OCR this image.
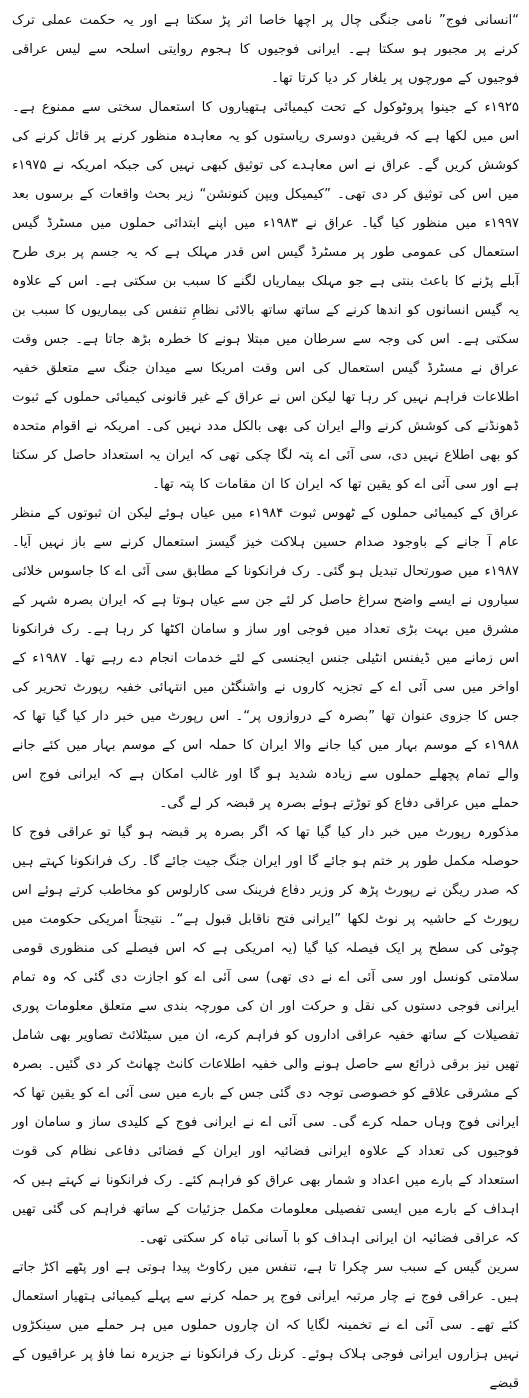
“انسانی فوج” نامی جنگی چال پر اچھا خاصا اثر پڑ سکتا ہے اور یہ حکمت عملی ترک کرنے پر مجبور ہو سکتا ہے۔ ایرانی فوجیوں کا ہجوم روایتی اسلحہ سے لیس عراقی فوجیوں کے مورچوں پر یلغار کر دیا کرتا تھا۔

۱۹۲۵ء کے جینوا پروٹوکول کے تحت کیمیائی ہتھیاروں کا استعمال سختی سے ممنوع ہے۔ اس میں لکھا ہے کہ فریقین دوسری ریاستوں کو یہ معاہدہ منظور کرنے پر قائل کرنے کی کوشش کریں گے۔ عراق نے اس معاہدے کی توثیق کبھی نہیں کی جبکہ امریکہ نے ۱۹۷۵ء میں اس کی توثیق کر دی تھی۔ ”کیمیکل ویپن کنونشن“ زیر بحث واقعات کے برسوں بعد ۱۹۹۷ء میں منظور کیا گیا۔ عراق نے ۱۹۸۳ء میں اپنے ابتدائی حملوں میں مسٹرڈ گیس استعمال کی عمومی طور پر مسٹرڈ گیس اس قدر مہلک ہے کہ یہ جسم پر بری طرح آبلے پڑنے کا باعث بنتی ہے جو مہلک بیماریاں لگنے کا سبب بن سکتی ہے۔ اس کے علاوہ یہ گیس انسانوں کو اندھا کرنے کے ساتھ ساتھ بالائی نظامِ تنفس کی بیماریوں کا سبب بن سکتی ہے۔ اس کی وجہ سے سرطان میں مبتلا ہونے کا خطرہ بڑھ جاتا ہے۔ جس وقت عراق نے مسٹرڈ گیس استعمال کی اس وقت امریکا سے میدان جنگ سے متعلق خفیہ اطلاعات فراہم نہیں کر رہا تھا لیکن اس نے عراق کے غیر قانونی کیمیائی حملوں کے ثبوت ڈھونڈنے کی کوشش کرنے والے ایران کی بھی بالکل مدد نہیں کی۔ امریکہ نے اقوام متحدہ کو بھی اطلاع نہیں دی، سی آئی اے پتہ لگا چکی تھی کہ ایران یہ استعداد حاصل کر سکتا ہے اور سی آئی اے کو یقین تھا کہ ایران کا ان مقامات کا پتہ تھا۔

عراق کے کیمیائی حملوں کے ٹھوس ثبوت ۱۹۸۴ء میں عیاں ہوئے لیکن ان ثبوتوں کے منظر عام آ جانے کے باوجود صدام حسین ہلاکت خیز گیسز استعمال کرنے سے باز نہیں آیا۔ ۱۹۸۷ء میں صورتحال تبدیل ہو گئی۔ رک فرانکونا کے مطابق سی آئی اے کا جاسوس خلائی سیاروں نے ایسے واضح سراغ حاصل کر لئے جن سے عیاں ہوتا ہے کہ ایران بصرہ شہر کے مشرق میں بہت بڑی تعداد میں فوجی اور ساز و سامان اکٹھا کر رہا ہے۔ رک فرانکونا اس زمانے میں ڈیفنس انٹیلی جنس ایجنسی کے لئے خدمات انجام دے رہے تھا۔ ۱۹۸۷ء کے اواخر میں سی آئی اے کے تجزیہ کاروں نے واشنگٹن میں انتہائی خفیہ رپورٹ تحریر کی جس کا جزوی عنوان تھا ”بصرہ کے دروازوں پر“۔ اس رپورٹ میں خبر دار کیا گیا تھا کہ ۱۹۸۸ء کے موسم بہار میں کیا جانے والا ایران کا حملہ اس کے موسم بہار میں کئے جانے والے تمام پچھلے حملوں سے زیادہ شدید ہو گا اور غالب امکان ہے کہ ایرانی فوج اس حملے میں عراقی دفاع کو توڑتے ہوئے بصرہ پر قبضہ کر لے گی۔

مذکورہ رپورٹ میں خبر دار کیا گیا تھا کہ اگر بصرہ پر قبضہ ہو گیا تو عراقی فوج کا حوصلہ مکمل طور پر ختم ہو جائے گا اور ایران جنگ جیت جائے گا۔ رک فرانکونا کہتے ہیں کہ صدر ریگن نے رپورٹ پڑھ کر وزیر دفاع فرینک سی کارلوس کو مخاطب کرتے ہوئے اس رپورٹ کے حاشیہ پر نوٹ لکھا ”ایرانی فتح ناقابل قبول ہے“۔ نتیجتاً امریکی حکومت میں چوٹی کی سطح پر ایک فیصلہ کیا گیا (یہ امریکی ہے کہ اس فیصلے کی منظوری قومی سلامتی کونسل اور سی آئی اے نے دی تھی) سی آئی اے کو اجازت دی گئی کہ وہ تمام ایرانی فوجی دستوں کی نقل و حرکت اور ان کی مورچہ بندی سے متعلق معلومات پوری تفصیلات کے ساتھ خفیہ عراقی اداروں کو فراہم کرے، ان میں سیٹلائٹ تصاویر بھی شامل تھیں نیز برقی ذرائع سے حاصل ہونے والی خفیہ اطلاعات کانٹ چھانٹ کر دی گئیں۔ بصرہ کے مشرقی علاقے کو خصوصی توجہ دی گئی جس کے بارے میں سی آئی اے کو یقین تھا کہ ایرانی فوج وہاں حملہ کرے گی۔ سی آئی اے نے ایرانی فوج کے کلیدی ساز و سامان اور فوجیوں کی تعداد کے علاوہ ایرانی فضائیہ اور ایران کے فضائی دفاعی نظام کی قوت استعداد کے بارے میں اعداد و شمار بھی عراق کو فراہم کئے۔ رک فرانکونا نے کہتے ہیں کہ اہداف کے بارے میں ایسی تفصیلی معلومات مکمل جزئیات کے ساتھ فراہم کی گئی تھیں کہ عراقی فضائیہ ان ایرانی اہداف کو با آسانی تباہ کر سکتی تھی۔

سرین گیس کے سبب سر چکرا تا ہے، تنفس میں رکاوٹ پیدا ہوتی ہے اور پٹھے اکڑ جاتے ہیں۔ عراقی فوج نے چار مرتبہ ایرانی فوج پر حملہ کرنے سے پہلے کیمیائی ہتھیار استعمال کئے تھے۔ سی آئی اے نے تخمینہ لگایا کہ ان چاروں حملوں میں ہر حملے میں سینکڑوں نہیں ہزاروں ایرانی فوجی ہلاک ہوئے۔ کرنل رک فرانکونا نے جزیرہ نما فاؤ پر عراقیوں کے قبضے
